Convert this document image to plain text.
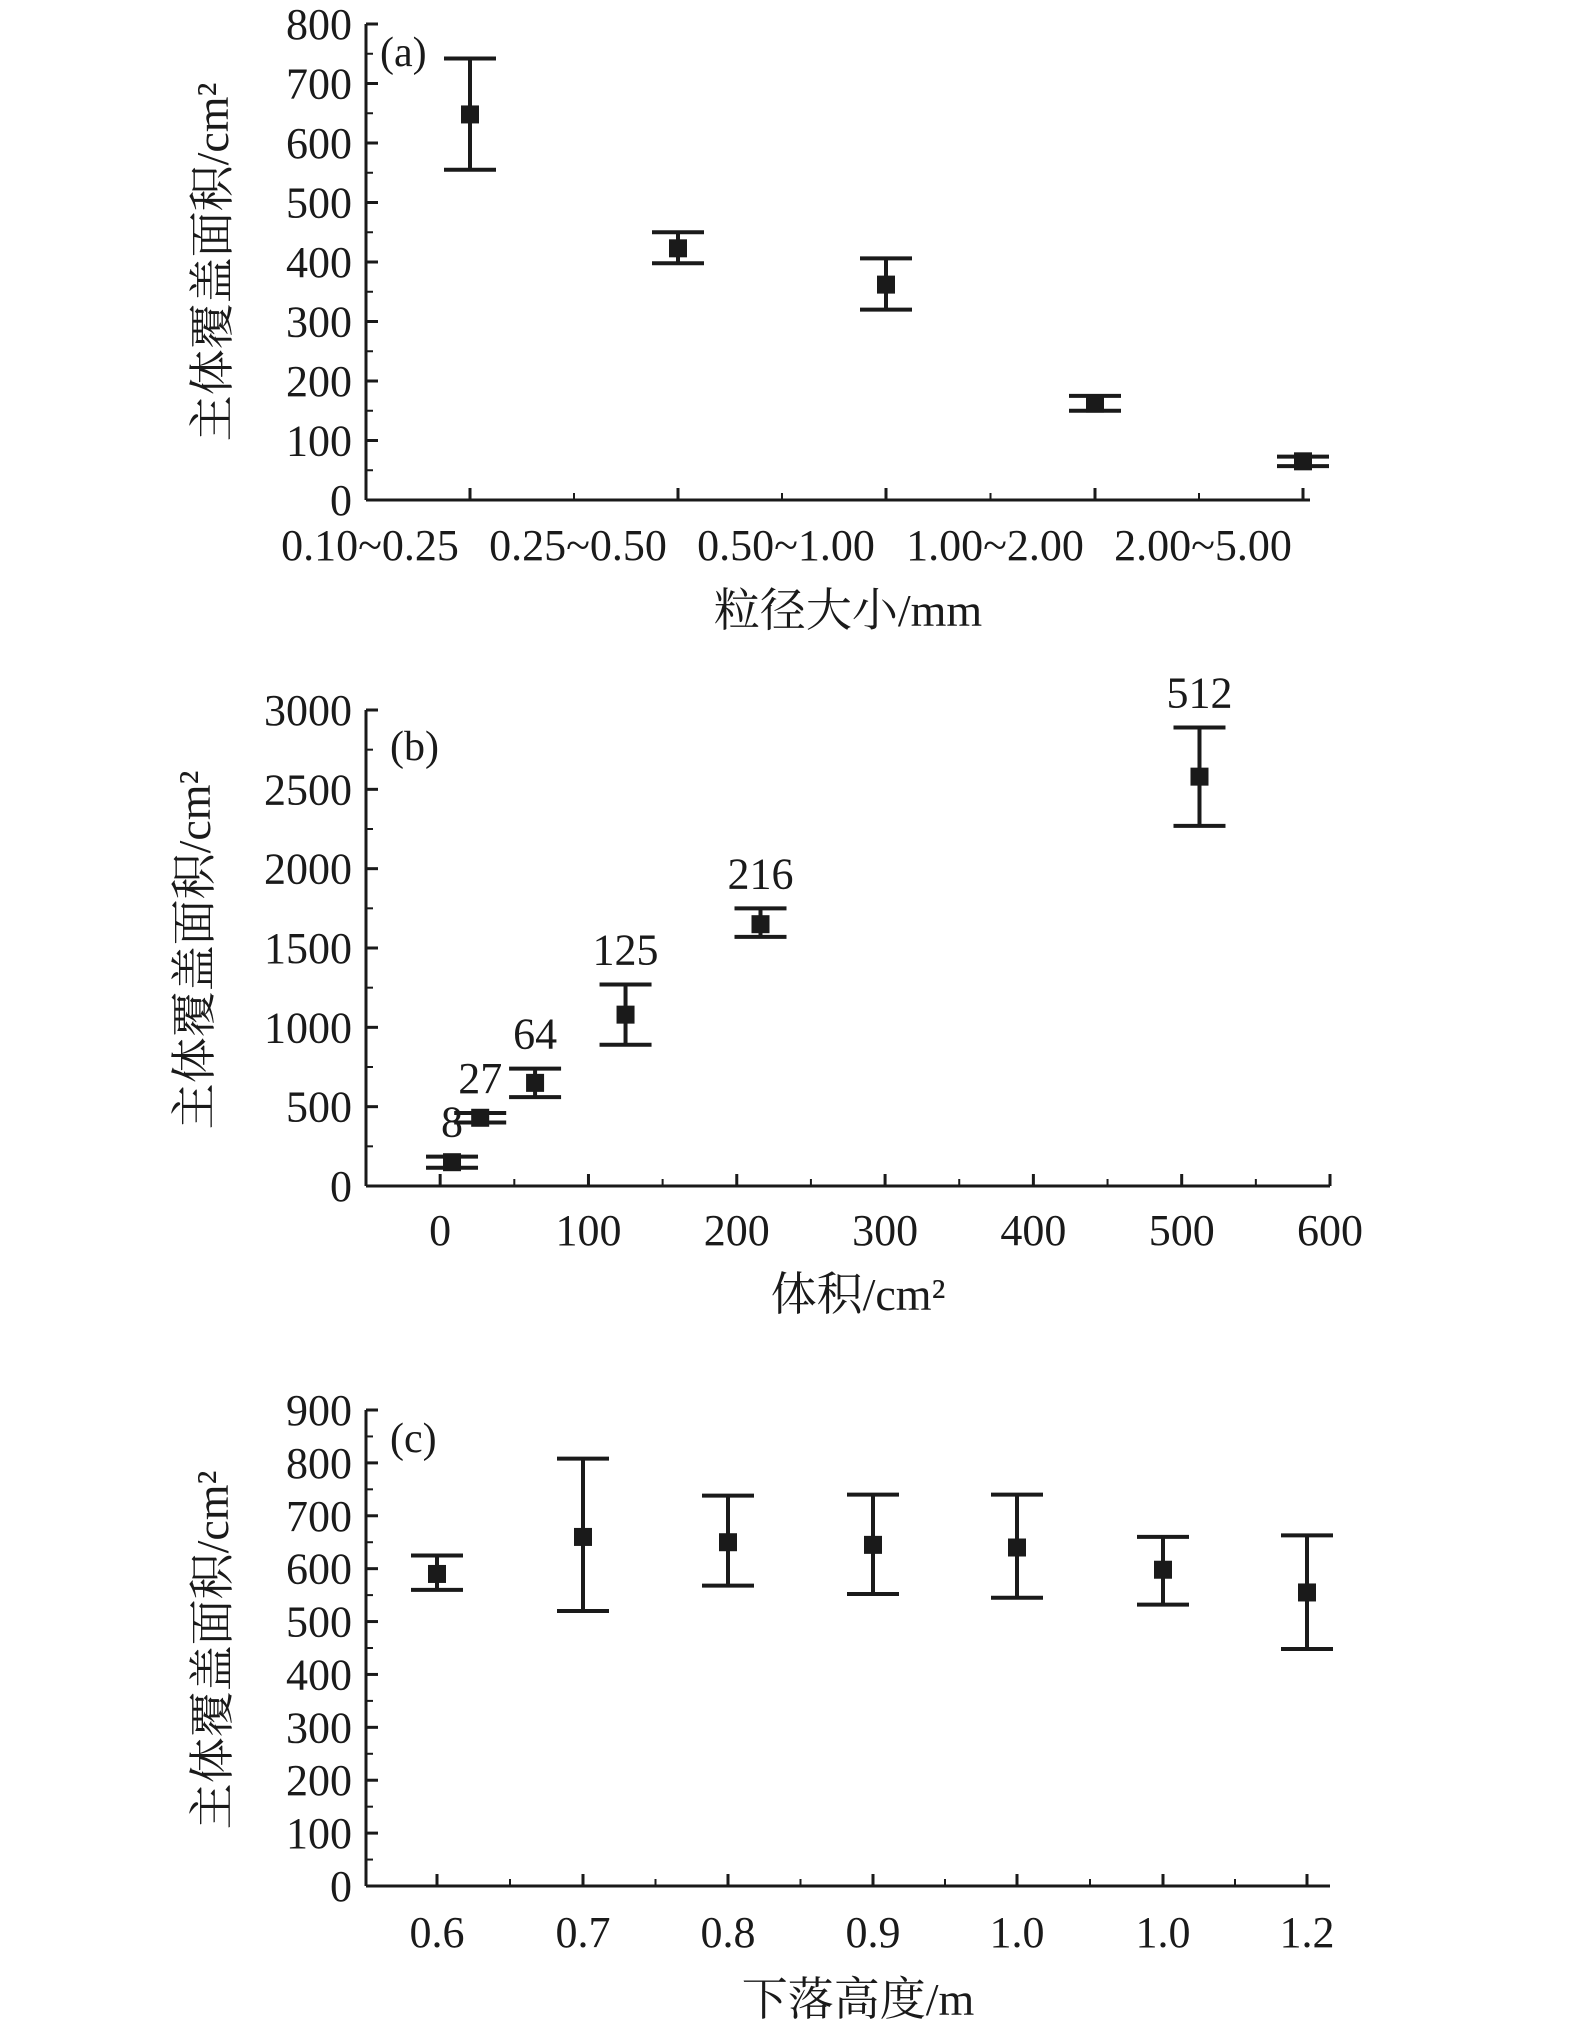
0
100
200
300
400
500
600
700
800
0.10~0.25 0.25~0.50 0.50~1.00 1.00~2.00 2.00~5.00
(a)
粒径大小/mm
主体覆盖面积/cm²
0
500
1000
1500
2000
2500
3000
0 100 200 300 400 500 600
(b)
体积/cm²
主体覆盖面积/cm²	8
27
64
125
216
512
0
100
200
300
400
500
600
700
800
900
0.6 0.7 0.8 0.9 1.0 1.0 1.2
(c)
下落高度/m
主体覆盖面积/cm²
